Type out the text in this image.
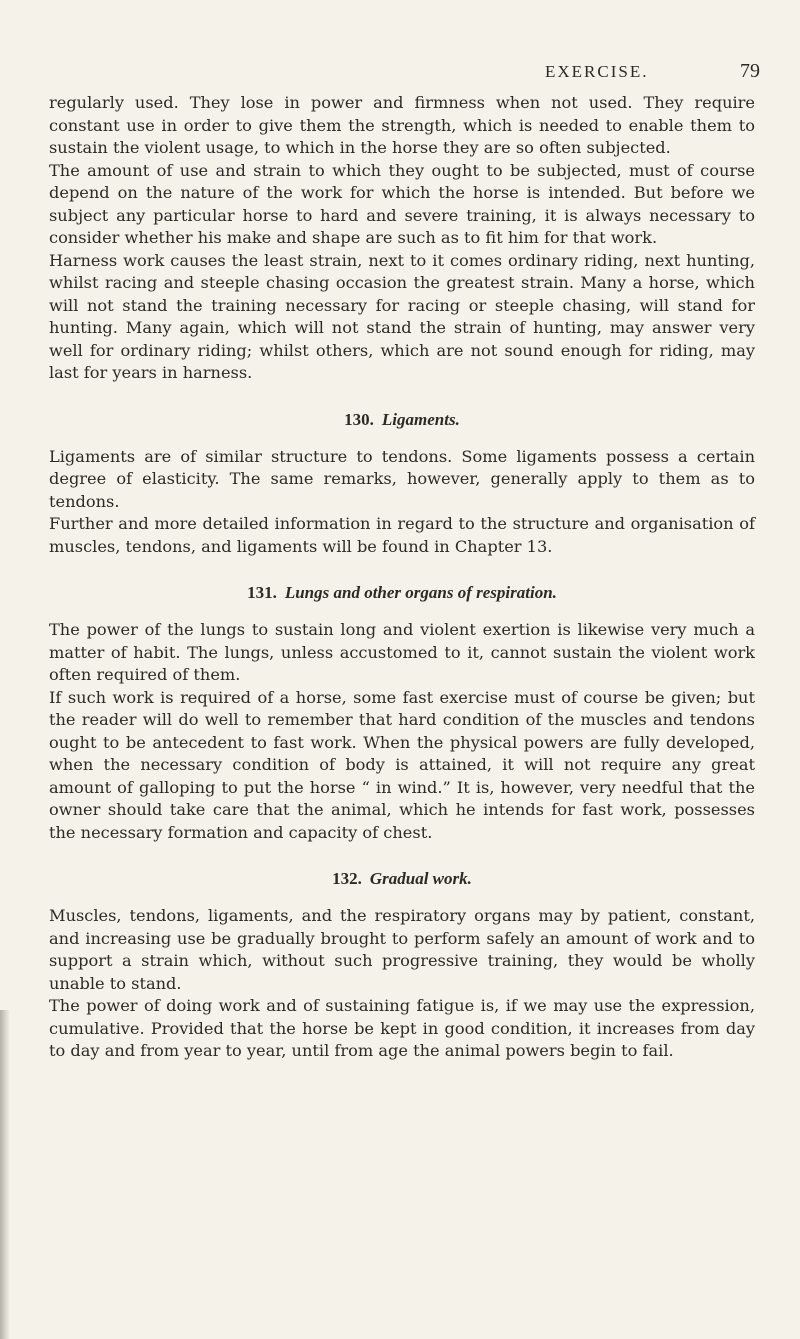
EXERCISE.	79

regularly used. They lose in power and firmness when not used. They require constant use in order to give them the strength, which is needed to enable them to sustain the violent usage, to which in the horse they are so often subjected.

The amount of use and strain to which they ought to be subjected, must of course depend on the nature of the work for which the horse is intended. But before we subject any particular horse to hard and severe training, it is always necessary to consider whether his make and shape are such as to fit him for that work.

Harness work causes the least strain, next to it comes ordinary riding, next hunting, whilst racing and steeple chasing occasion the greatest strain. Many a horse, which will not stand the training necessary for racing or steeple chasing, will stand for hunting. Many again, which will not stand the strain of hunting, may answer very well for ordinary riding; whilst others, which are not sound enough for riding, may last for years in harness.

130. Ligaments.

Ligaments are of similar structure to tendons. Some ligaments possess a certain degree of elasticity. The same remarks, however, generally apply to them as to tendons.

Further and more detailed information in regard to the structure and organisation of muscles, tendons, and ligaments will be found in Chapter 13.

131. Lungs and other organs of respiration.

The power of the lungs to sustain long and violent exertion is likewise very much a matter of habit. The lungs, unless accustomed to it, cannot sustain the violent work often required of them.

If such work is required of a horse, some fast exercise must of course be given; but the reader will do well to remember that hard condition of the muscles and tendons ought to be antecedent to fast work. When the physical powers are fully developed, when the necessary condition of body is attained, it will not require any great amount of galloping to put the horse “ in wind.” It is, however, very needful that the owner should take care that the animal, which he intends for fast work, possesses the necessary formation and capacity of chest.

132. Gradual work.

Muscles, tendons, ligaments, and the respiratory organs may by patient, constant, and increasing use be gradually brought to perform safely an amount of work and to support a strain which, without such progressive training, they would be wholly unable to stand.

The power of doing work and of sustaining fatigue is, if we may use the expression, cumulative. Provided that the horse be kept in good condition, it increases from day to day and from year to year, until from age the animal powers begin to fail.
